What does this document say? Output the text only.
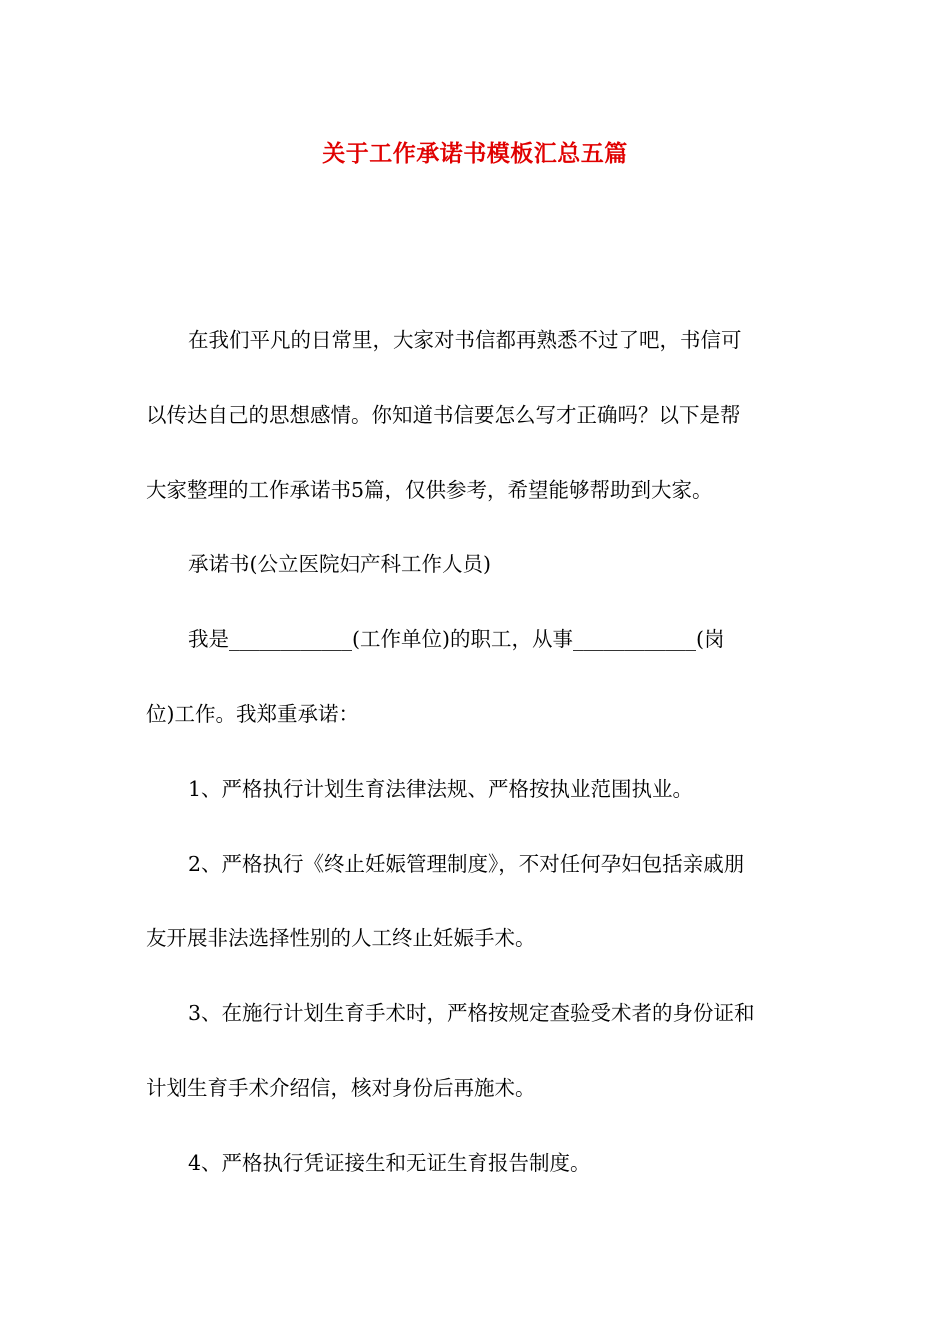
关于工作承诺书模板汇总五篇
在我们平凡的日常里，大家对书信都再熟悉不过了吧，书信可
以传达自己的思想感情。你知道书信要怎么写才正确吗？以下是帮
大家整理的工作承诺书5篇，仅供参考，希望能够帮助到大家。
承诺书(公立医院妇产科工作人员)
我是____________(工作单位)的职工，从事____________(岗
位)工作。我郑重承诺：
1、严格执行计划生育法律法规、严格按执业范围执业。
2、严格执行《终止妊娠管理制度》，不对任何孕妇包括亲戚朋
友开展非法选择性别的人工终止妊娠手术。
3、在施行计划生育手术时，严格按规定查验受术者的身份证和
计划生育手术介绍信，核对身份后再施术。
4、严格执行凭证接生和无证生育报告制度。
